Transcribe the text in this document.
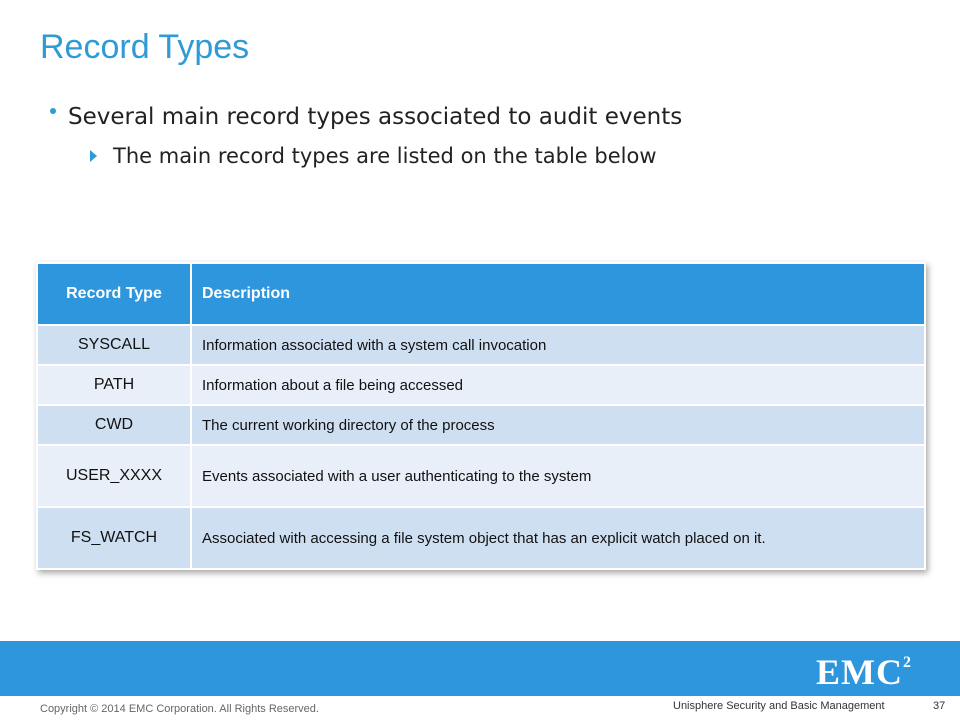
Record Types
Several main record types associated to audit events
The main record types are listed on the table below
Record Type	Description
SYSCALL	Information associated with a system call invocation
PATH	Information about a file being accessed
CWD	The current working directory of the process
USER_XXXX	Events associated with a user authenticating to the system
FS_WATCH	Associated with accessing a file system object that has an explicit watch placed on it.
EMC$^2$
Copyright © 2014 EMC Corporation. All Rights Reserved.	Unisphere Security and Basic Management	37
